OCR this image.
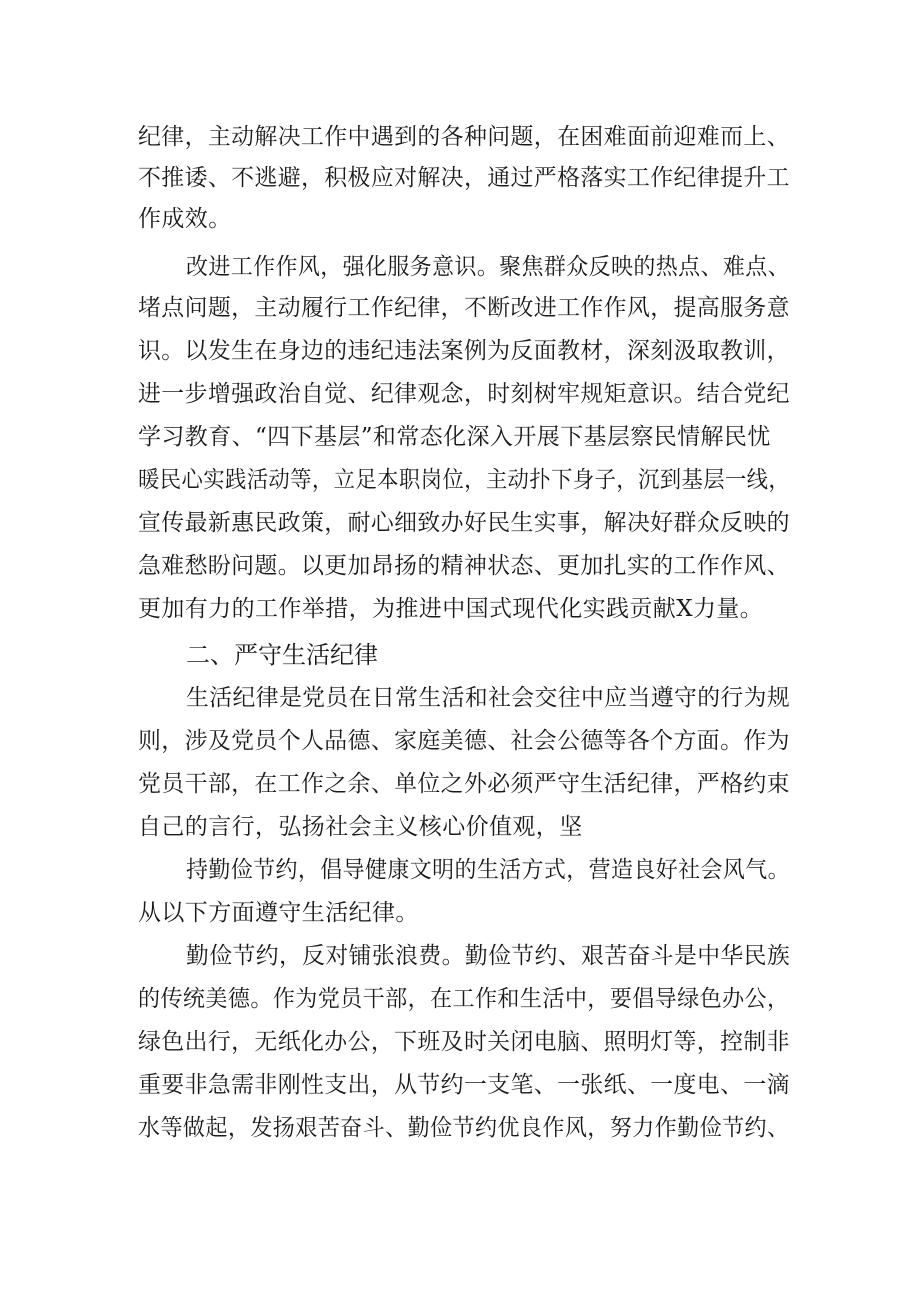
纪律，主动解决工作中遇到的各种问题，在困难面前迎难而上、
不推诿、不逃避，积极应对解决，通过严格落实工作纪律提升工
作成效。
改进工作作风，强化服务意识。聚焦群众反映的热点、难点、
堵点问题，主动履行工作纪律，不断改进工作作风，提高服务意
识。以发生在身边的违纪违法案例为反面教材，深刻汲取教训，
进一步增强政治自觉、纪律观念，时刻树牢规矩意识。结合党纪
学习教育、“四下基层”和常态化深入开展下基层察民情解民忧
暖民心实践活动等，立足本职岗位，主动扑下身子，沉到基层一线，
宣传最新惠民政策，耐心细致办好民生实事，解决好群众反映的
急难愁盼问题。以更加昂扬的精神状态、更加扎实的工作作风、
更加有力的工作举措，为推进中国式现代化实践贡献X力量。
二、严守生活纪律
生活纪律是党员在日常生活和社会交往中应当遵守的行为规
则，涉及党员个人品德、家庭美德、社会公德等各个方面。作为
党员干部，在工作之余、单位之外必须严守生活纪律，严格约束
自己的言行，弘扬社会主义核心价值观，坚
持勤俭节约，倡导健康文明的生活方式，营造良好社会风气。
从以下方面遵守生活纪律。
勤俭节约，反对铺张浪费。勤俭节约、艰苦奋斗是中华民族
的传统美德。作为党员干部，在工作和生活中，要倡导绿色办公，
绿色出行，无纸化办公，下班及时关闭电脑、照明灯等，控制非
重要非急需非刚性支出，从节约一支笔、一张纸、一度电、一滴
水等做起，发扬艰苦奋斗、勤俭节约优良作风，努力作勤俭节约、
